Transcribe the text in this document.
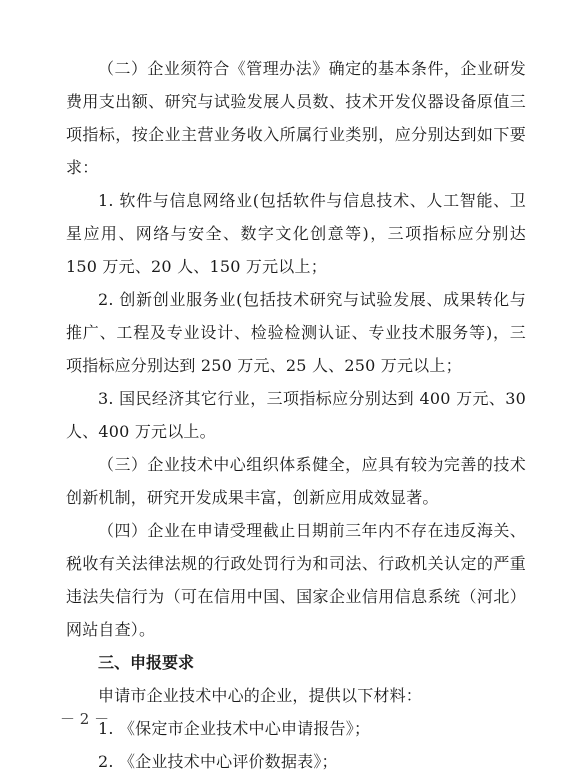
（二）企业须符合《管理办法》确定的基本条件，企业研发费用支出额、研究与试验发展人员数、技术开发仪器设备原值三项指标，按企业主营业务收入所属行业类别，应分别达到如下要求：

1. 软件与信息网络业(包括软件与信息技术、人工智能、卫星应用、网络与安全、数字文化创意等)，三项指标应分别达 150 万元、20 人、150 万元以上；

2. 创新创业服务业(包括技术研究与试验发展、成果转化与推广、工程及专业设计、检验检测认证、专业技术服务等)，三项指标应分别达到 250 万元、25 人、250 万元以上；

3. 国民经济其它行业，三项指标应分别达到 400 万元、30 人、400 万元以上。

（三）企业技术中心组织体系健全，应具有较为完善的技术创新机制，研究开发成果丰富，创新应用成效显著。

（四）企业在申请受理截止日期前三年内不存在违反海关、税收有关法律法规的行政处罚行为和司法、行政机关认定的严重违法失信行为（可在信用中国、国家企业信用信息系统（河北）网站自查）。

三、申报要求

申请市企业技术中心的企业，提供以下材料：

1. 《保定市企业技术中心申请报告》；

2. 《企业技术中心评价数据表》；

－ 2 －
